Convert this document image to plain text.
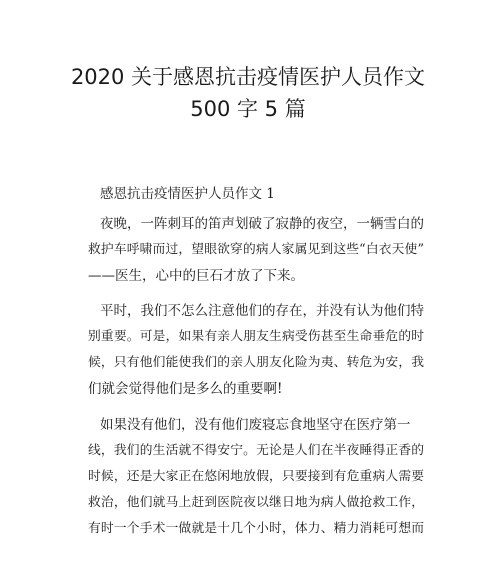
2020 关于感恩抗击疫情医护人员作文
500 字 5 篇
感恩抗击疫情医护人员作文 1
夜晚，一阵刺耳的笛声划破了寂静的夜空，一辆雪白的
救护车呼啸而过，望眼欲穿的病人家属见到这些“白衣天使”
——医生，心中的巨石才放了下来。
平时，我们不怎么注意他们的存在，并没有认为他们特
别重要。可是，如果有亲人朋友生病受伤甚至生命垂危的时
候，只有他们能使我们的亲人朋友化险为夷、转危为安，我
们就会觉得他们是多么的重要啊!
如果没有他们，没有他们废寝忘食地坚守在医疗第一
线，我们的生活就不得安宁。无论是人们在半夜睡得正香的
时候，还是大家正在悠闲地放假，只要接到有危重病人需要
救治，他们就马上赶到医院夜以继日地为病人做抢救工作，
有时一个手术一做就是十几个小时，体力、精力消耗可想而
